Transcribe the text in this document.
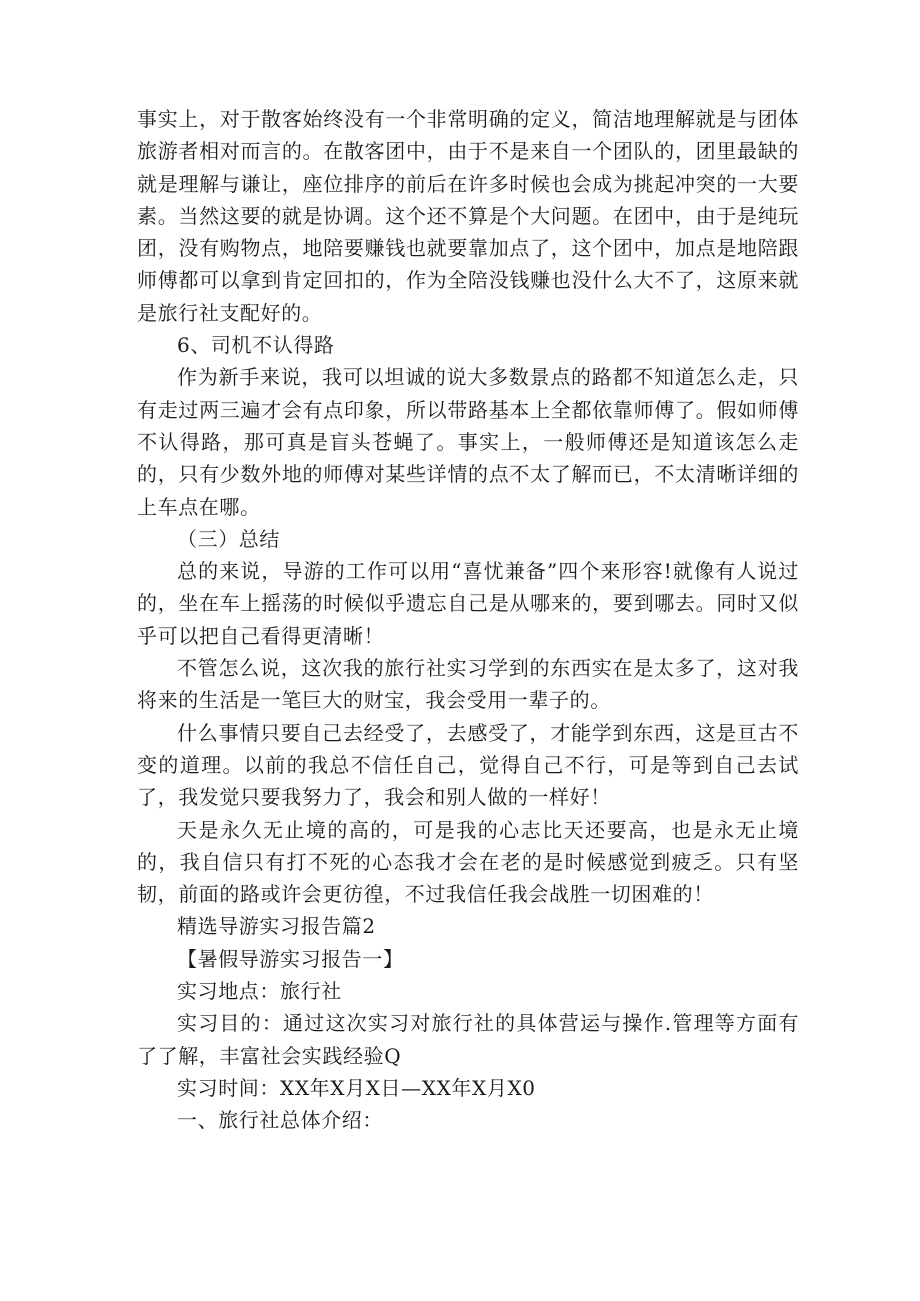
事实上，对于散客始终没有一个非常明确的定义，简洁地理解就是与团体旅游者相对而言的。在散客团中，由于不是来自一个团队的，团里最缺的就是理解与谦让，座位排序的前后在许多时候也会成为挑起冲突的一大要素。当然这要的就是协调。这个还不算是个大问题。在团中，由于是纯玩团，没有购物点，地陪要赚钱也就要靠加点了，这个团中，加点是地陪跟师傅都可以拿到肯定回扣的，作为全陪没钱赚也没什么大不了，这原来就是旅行社支配好的。

6、司机不认得路

作为新手来说，我可以坦诚的说大多数景点的路都不知道怎么走，只有走过两三遍才会有点印象，所以带路基本上全都依靠师傅了。假如师傅不认得路，那可真是盲头苍蝇了。事实上，一般师傅还是知道该怎么走的，只有少数外地的师傅对某些详情的点不太了解而已，不太清晰详细的上车点在哪。

（三）总结

总的来说，导游的工作可以用“喜忧兼备”四个来形容!就像有人说过的，坐在车上摇荡的时候似乎遗忘自己是从哪来的，要到哪去。同时又似乎可以把自己看得更清晰！

不管怎么说，这次我的旅行社实习学到的东西实在是太多了，这对我将来的生活是一笔巨大的财宝，我会受用一辈子的。

什么事情只要自己去经受了，去感受了，才能学到东西，这是亘古不变的道理。以前的我总不信任自己，觉得自己不行，可是等到自己去试了，我发觉只要我努力了，我会和别人做的一样好！

天是永久无止境的高的，可是我的心志比天还要高，也是永无止境的，我自信只有打不死的心态我才会在老的是时候感觉到疲乏。只有坚韧，前面的路或许会更彷徨，不过我信任我会战胜一切困难的！

精选导游实习报告篇2

【暑假导游实习报告一】

实习地点：旅行社

实习目的：通过这次实习对旅行社的具体营运与操作.管理等方面有了了解，丰富社会实践经验Q

实习时间：XX年X月X日—XX年X月X0

一、旅行社总体介绍：
